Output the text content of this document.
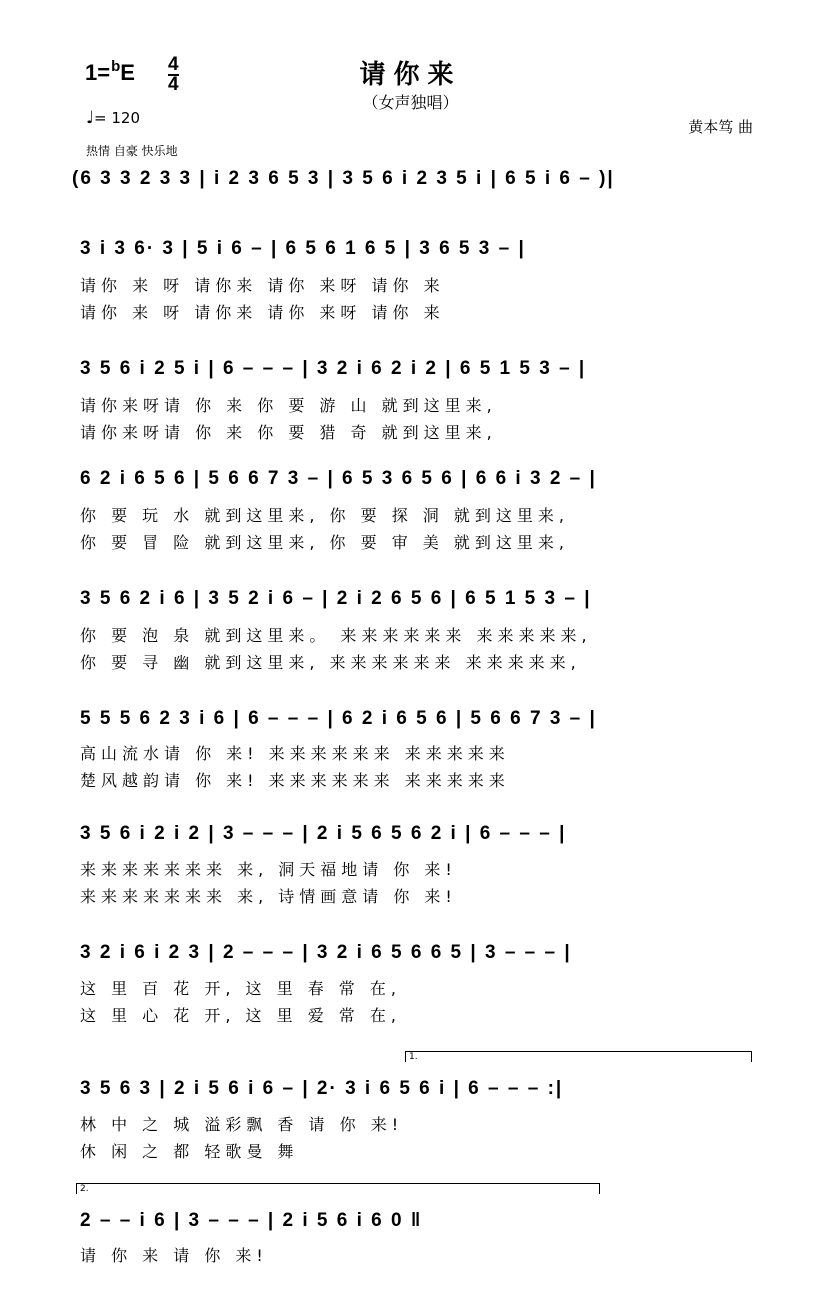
请你来
（女声独唱）
1=$^b$E 4
4
♩= 120
热情 自豪 快乐地
黄本笃 曲
(6 3 3 2 3 3 | i 2 3 6 5 3 | 3 5 6 i 2 3 5 i | 6 5 i 6 – )|
3 i 3 6· 3 | 5 i 6 – | 6 5 6 1 6 5 | 3 6 5 3 – |
请你 来 呀 请你来 请你 来呀 请你 来
请你 来 呀 请你来 请你 来呀 请你 来
3 5 6 i 2 5 i | 6 – – – | 3 2 i 6 2 i 2 | 6 5 1 5 3 – |
请你来呀请 你 来 你 要 游 山 就到这里来,
请你来呀请 你 来 你 要 猎 奇 就到这里来,
6 2 i 6 5 6 | 5 6 6 7 3 – | 6 5 3 6 5 6 | 6 6 i 3 2 – |
你 要 玩 水 就到这里来, 你 要 探 洞 就到这里来,
你 要 冒 险 就到这里来, 你 要 审 美 就到这里来,
3 5 6 2 i 6 | 3 5 2 i 6 – | 2 i 2 6 5 6 | 6 5 1 5 3 – |
你 要 泡 泉 就到这里来。 来来来来来来 来来来来来,
你 要 寻 幽 就到这里来, 来来来来来来 来来来来来,
5 5 5 6 2 3 i 6 | 6 – – – | 6 2 i 6 5 6 | 5 6 6 7 3 – |
高山流水请 你 来! 来来来来来来 来来来来来
楚风越韵请 你 来! 来来来来来来 来来来来来
3 5 6 i 2 i 2 | 3 – – – | 2 i 5 6 5 6 2 i | 6 – – – |
来来来来来来来 来, 洞天福地请 你 来!
来来来来来来来 来, 诗情画意请 你 来!
3 2 i 6 i 2 3 | 2 – – – | 3 2 i 6 5 6 6 5 | 3 – – – |
这 里 百 花 开, 这 里 春 常 在,
这 里 心 花 开, 这 里 爱 常 在,
1.
3 5 6 3 | 2 i 5 6 i 6 – | 2· 3 i 6 5 6 i | 6 – – – :|
林 中 之 城 溢彩飘 香 请 你 来!
休 闲 之 都 轻歌曼 舞
2.
2 – – i 6 | 3 – – – | 2 i 5 6 i 6 0 ‖
请 你 来 请 你 来!
